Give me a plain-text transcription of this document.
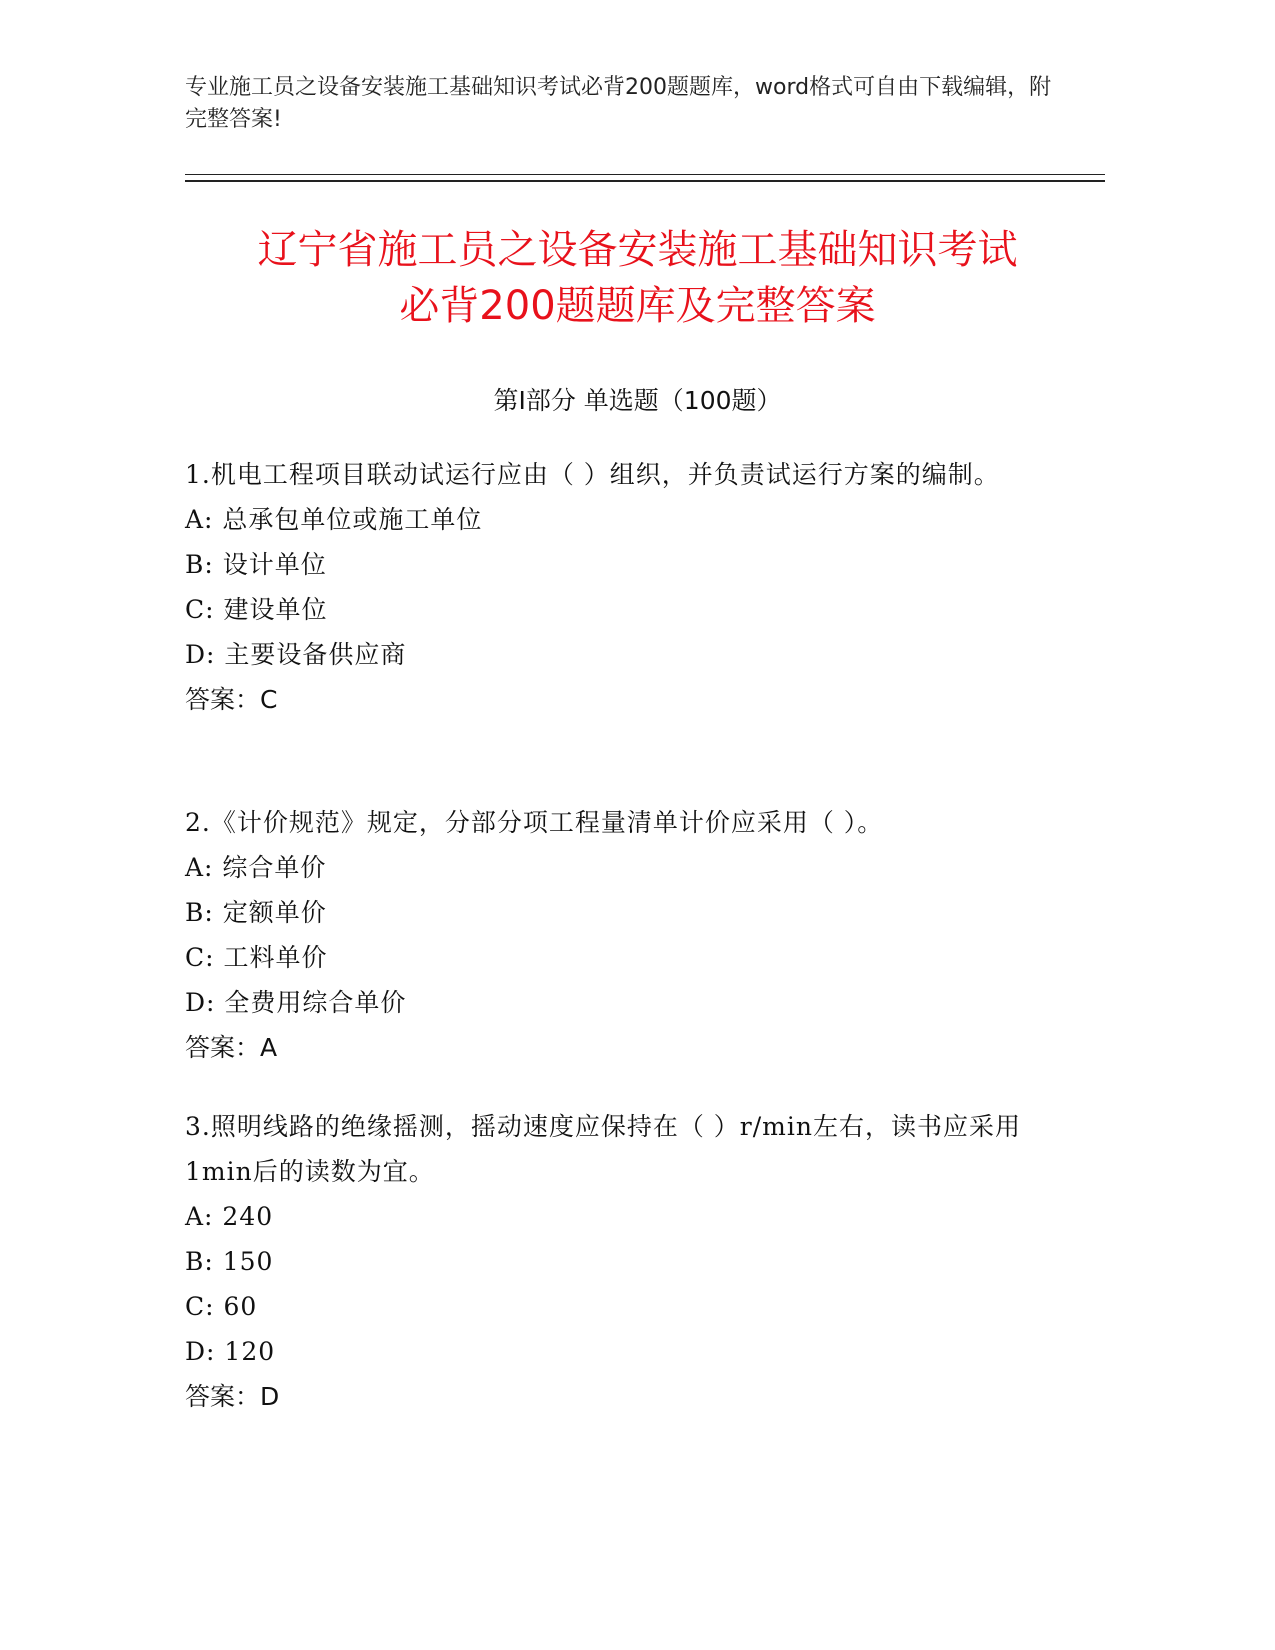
专业施工员之设备安装施工基础知识考试必背200题题库，word格式可自由下载编辑，附完整答案!
辽宁省施工员之设备安装施工基础知识考试
必背200题题库及完整答案
第I部分 单选题（100题）
1.机电工程项目联动试运行应由（ ）组织，并负责试运行方案的编制。
A: 总承包单位或施工单位
B: 设计单位
C: 建设单位
D: 主要设备供应商
答案：C
2.《计价规范》规定，分部分项工程量清单计价应采用（ ）。
A: 综合单价
B: 定额单价
C: 工料单价
D: 全费用综合单价
答案：A
3.照明线路的绝缘摇测，摇动速度应保持在（ ）r/min左右，读书应采用1min后的读数为宜。
A: 240
B: 150
C: 60
D: 120
答案：D
